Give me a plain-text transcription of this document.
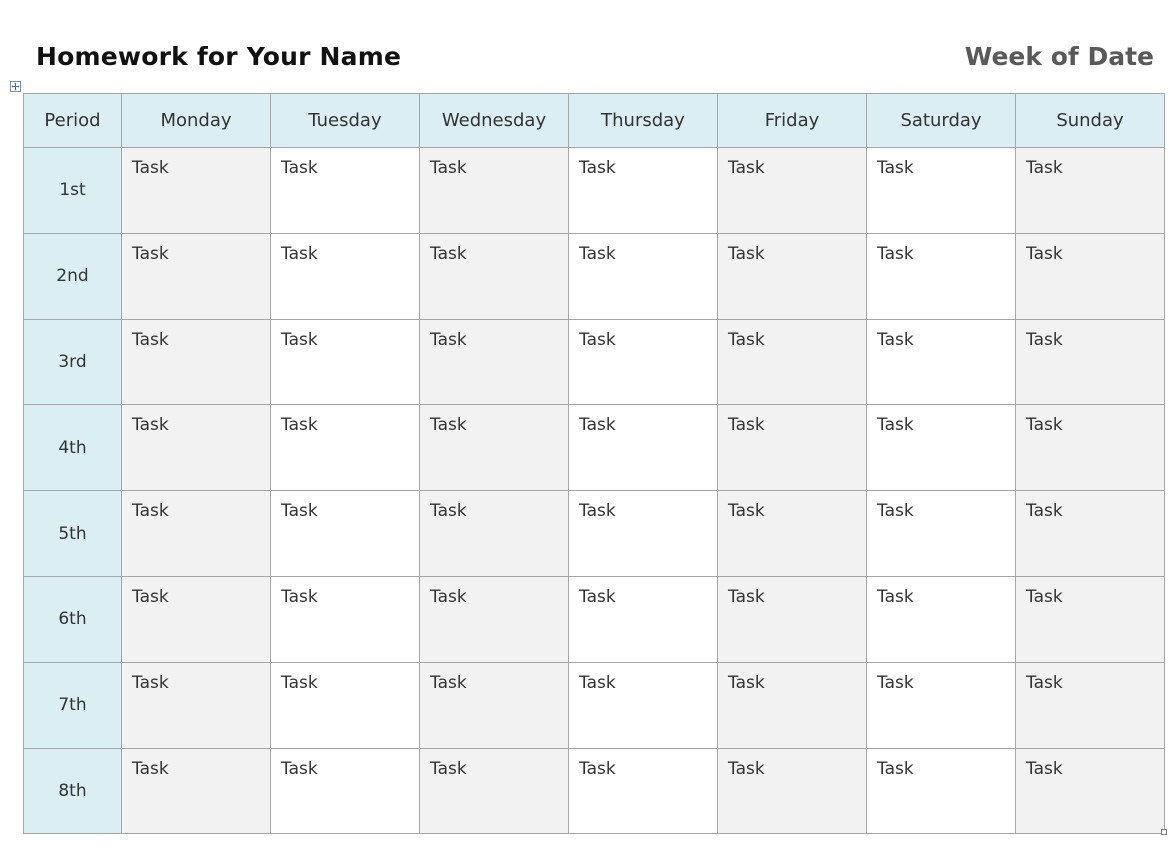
Homework for Your Name	Week of Date
Period	Monday	Tuesday	Wednesday	Thursday	Friday	Saturday	Sunday
1st	Task	Task	Task	Task	Task	Task	Task
2nd	Task	Task	Task	Task	Task	Task	Task
3rd	Task	Task	Task	Task	Task	Task	Task
4th	Task	Task	Task	Task	Task	Task	Task
5th	Task	Task	Task	Task	Task	Task	Task
6th	Task	Task	Task	Task	Task	Task	Task
7th	Task	Task	Task	Task	Task	Task	Task
8th	Task	Task	Task	Task	Task	Task	Task
